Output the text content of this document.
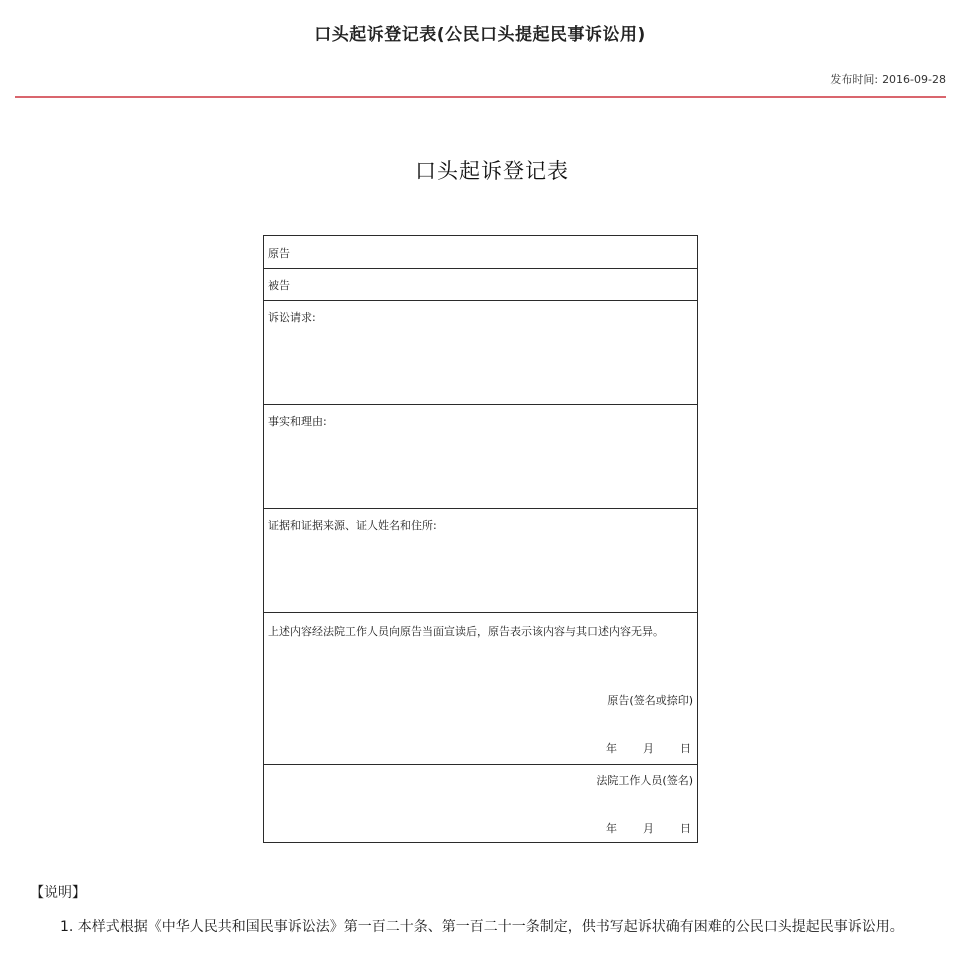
口头起诉登记表(公民口头提起民事诉讼用)
发布时间: 2016-09-28
口头起诉登记表
原告
被告
诉讼请求:
事实和理由:
证据和证据来源、证人姓名和住所:
上述内容经法院工作人员向原告当面宣读后，原告表示该内容与其口述内容无异。
原告(签名或捺印)
年 月 日
法院工作人员(签名)
年 月 日
【说明】
1. 本样式根据《中华人民共和国民事诉讼法》第一百二十条、第一百二十一条制定，供书写起诉状确有困难的公民口头提起民事诉讼用。
